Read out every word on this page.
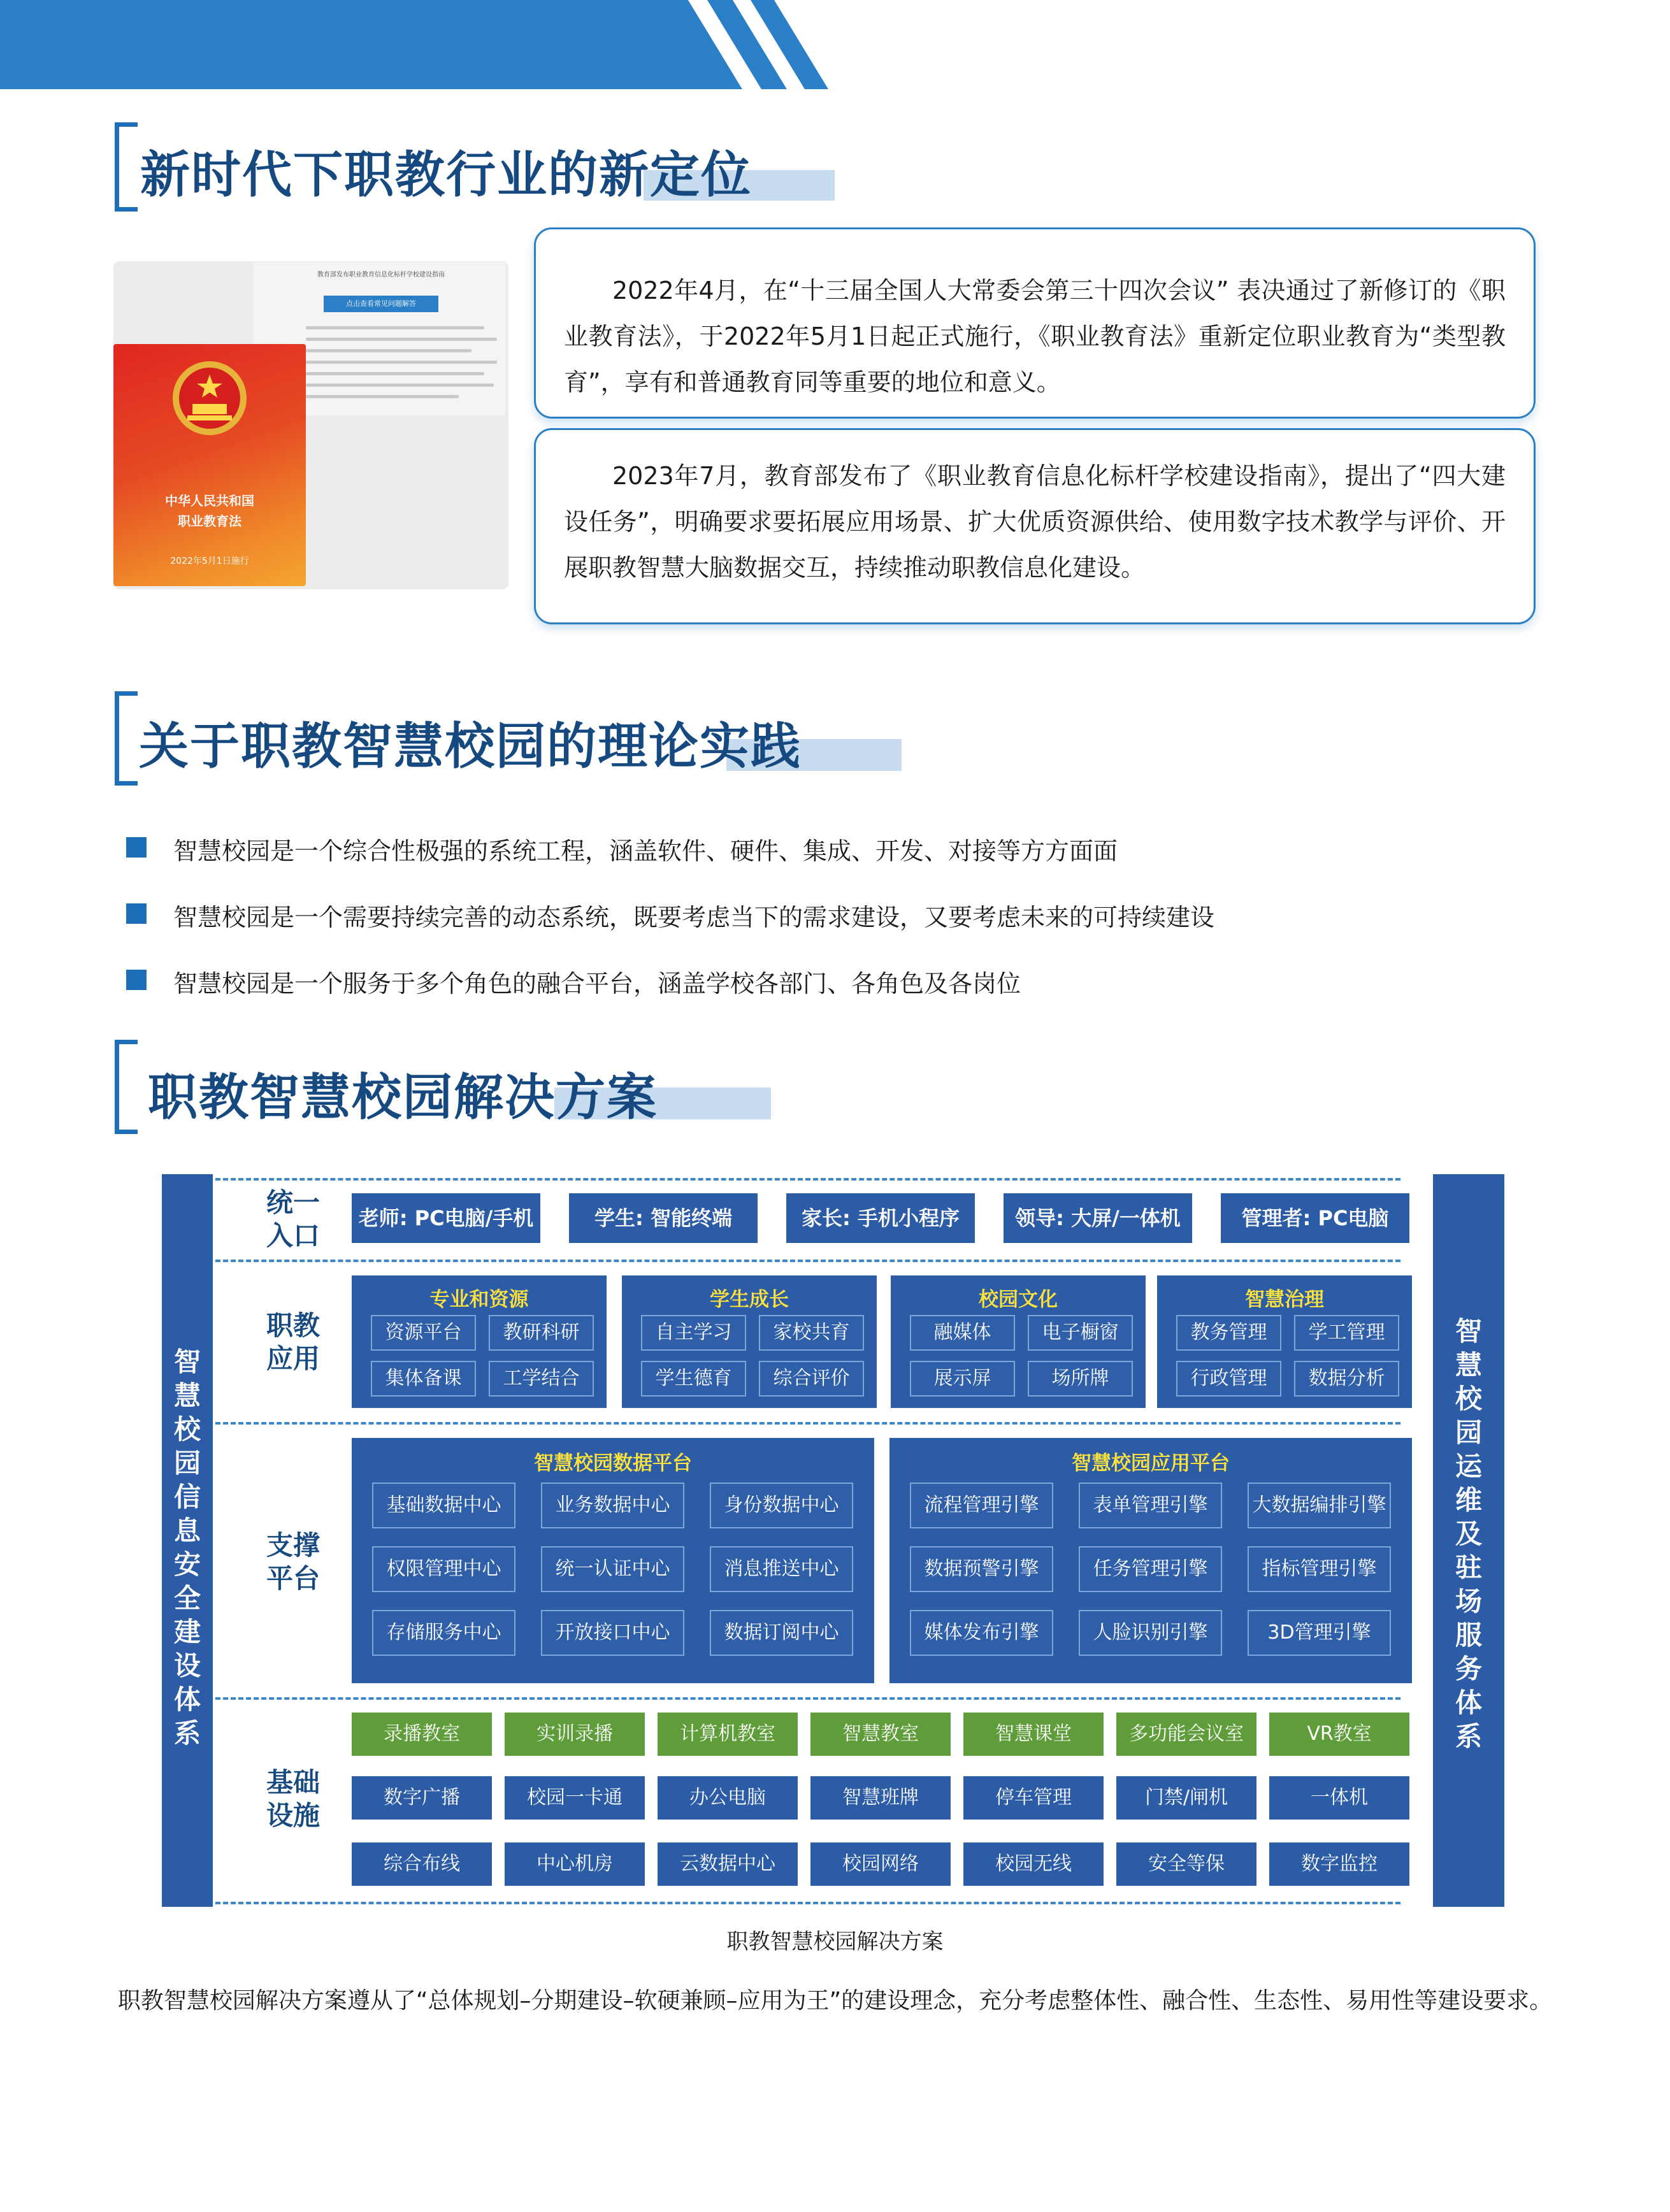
新时代下职教行业的新定位
教育部发布职业教育信息化标杆学校建设指南
点击查看常见问题解答
中华人民共和国
职业教育法
2022年5月1日施行

2022年4月，在“十三届全国人大常委会第三十四次会议” 表决通过了新修订的《职业教育法》，于2022年5月1日起正式施行，《职业教育法》重新定位职业教育为“类型教育”，享有和普通教育同等重要的地位和意义。

2023年7月，教育部发布了《职业教育信息化标杆学校建设指南》，提出了“四大建设任务”，明确要求要拓展应用场景、扩大优质资源供给、使用数字技术教学与评价、开展职教智慧大脑数据交互，持续推动职教信息化建设。

关于职教智慧校园的理论实践
智慧校园是一个综合性极强的系统工程，涵盖软件、硬件、集成、开发、对接等方方面面
智慧校园是一个需要持续完善的动态系统，既要考虑当下的需求建设，又要考虑未来的可持续建设
智慧校园是一个服务于多个角色的融合平台，涵盖学校各部门、各角色及各岗位
职教智慧校园解决方案
智慧校园信息安全建设体系
智慧校园运维及驻场服务体系
统一
入口
职教
应用
支撑
平台
基础
设施
老师: PC电脑/手机	学生: 智能终端	家长: 手机小程序	领导: 大屏/一体机	管理者: PC电脑
专业和资源
资源平台	教研科研
集体备课	工学结合
学生成长
自主学习	家校共育
学生德育	综合评价
校园文化
融媒体	电子橱窗
展示屏	场所牌
智慧治理
教务管理	学工管理
行政管理	数据分析
智慧校园数据平台
基础数据中心	业务数据中心	身份数据中心
权限管理中心	统一认证中心	消息推送中心
存储服务中心	开放接口中心	数据订阅中心
智慧校园应用平台
流程管理引擎	表单管理引擎	大数据编排引擎
数据预警引擎	任务管理引擎	指标管理引擎
媒体发布引擎	人脸识别引擎	3D管理引擎
录播教室	实训录播	计算机教室	智慧教室	智慧课堂	多功能会议室	VR教室
数字广播	校园一卡通	办公电脑	智慧班牌	停车管理	门禁/闸机	一体机
综合布线	中心机房	云数据中心	校园网络	校园无线	安全等保	数字监控
职教智慧校园解决方案
职教智慧校园解决方案遵从了“总体规划–分期建设–软硬兼顾–应用为王”的建设理念，充分考虑整体性、融合性、生态性、易用性等建设要求。
